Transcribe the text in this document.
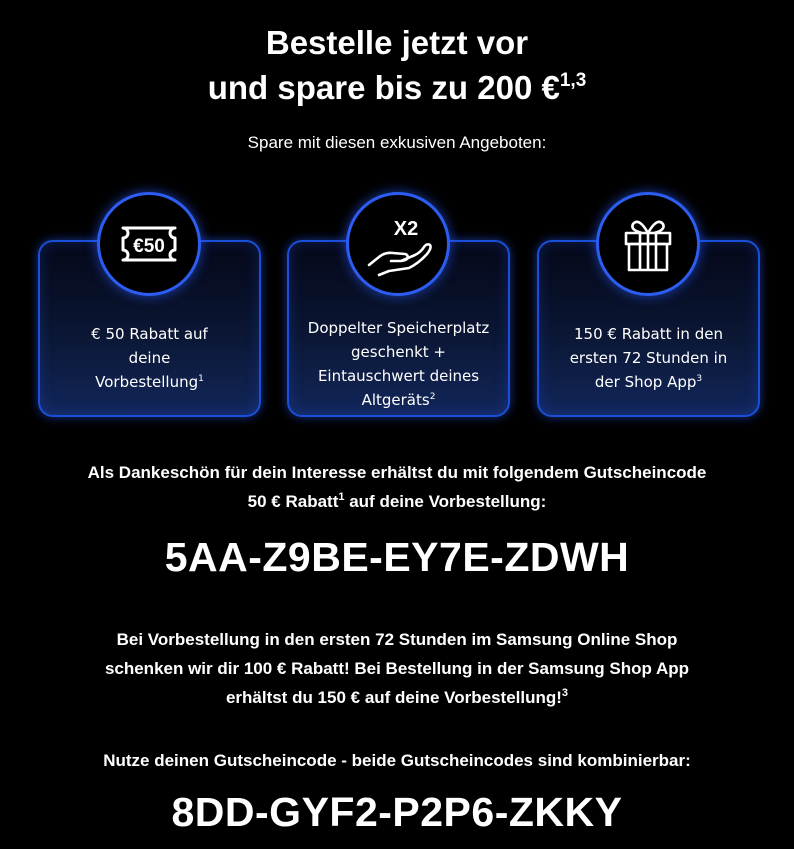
Bestelle jetzt vor
und spare bis zu 200 €$^{1,3}$
Spare mit diesen exkusiven Angeboten:
€50
€ 50 Rabatt auf
deine
Vorbestellung$^1$
X2
Doppelter Speicherplatz
geschenkt +
Eintauschwert deines
Altgeräts$^2$
150 € Rabatt in den
ersten 72 Stunden in
der Shop App$^3$
Als Dankeschön für dein Interesse erhältst du mit folgendem Gutscheincode
50 € Rabatt$^1$ auf deine Vorbestellung:
5AA-Z9BE-EY7E-ZDWH
Bei Vorbestellung in den ersten 72 Stunden im Samsung Online Shop
schenken wir dir 100 € Rabatt! Bei Bestellung in der Samsung Shop App
erhältst du 150 € auf deine Vorbestellung!$^3$
Nutze deinen Gutscheincode - beide Gutscheincodes sind kombinierbar:
8DD-GYF2-P2P6-ZKKY
